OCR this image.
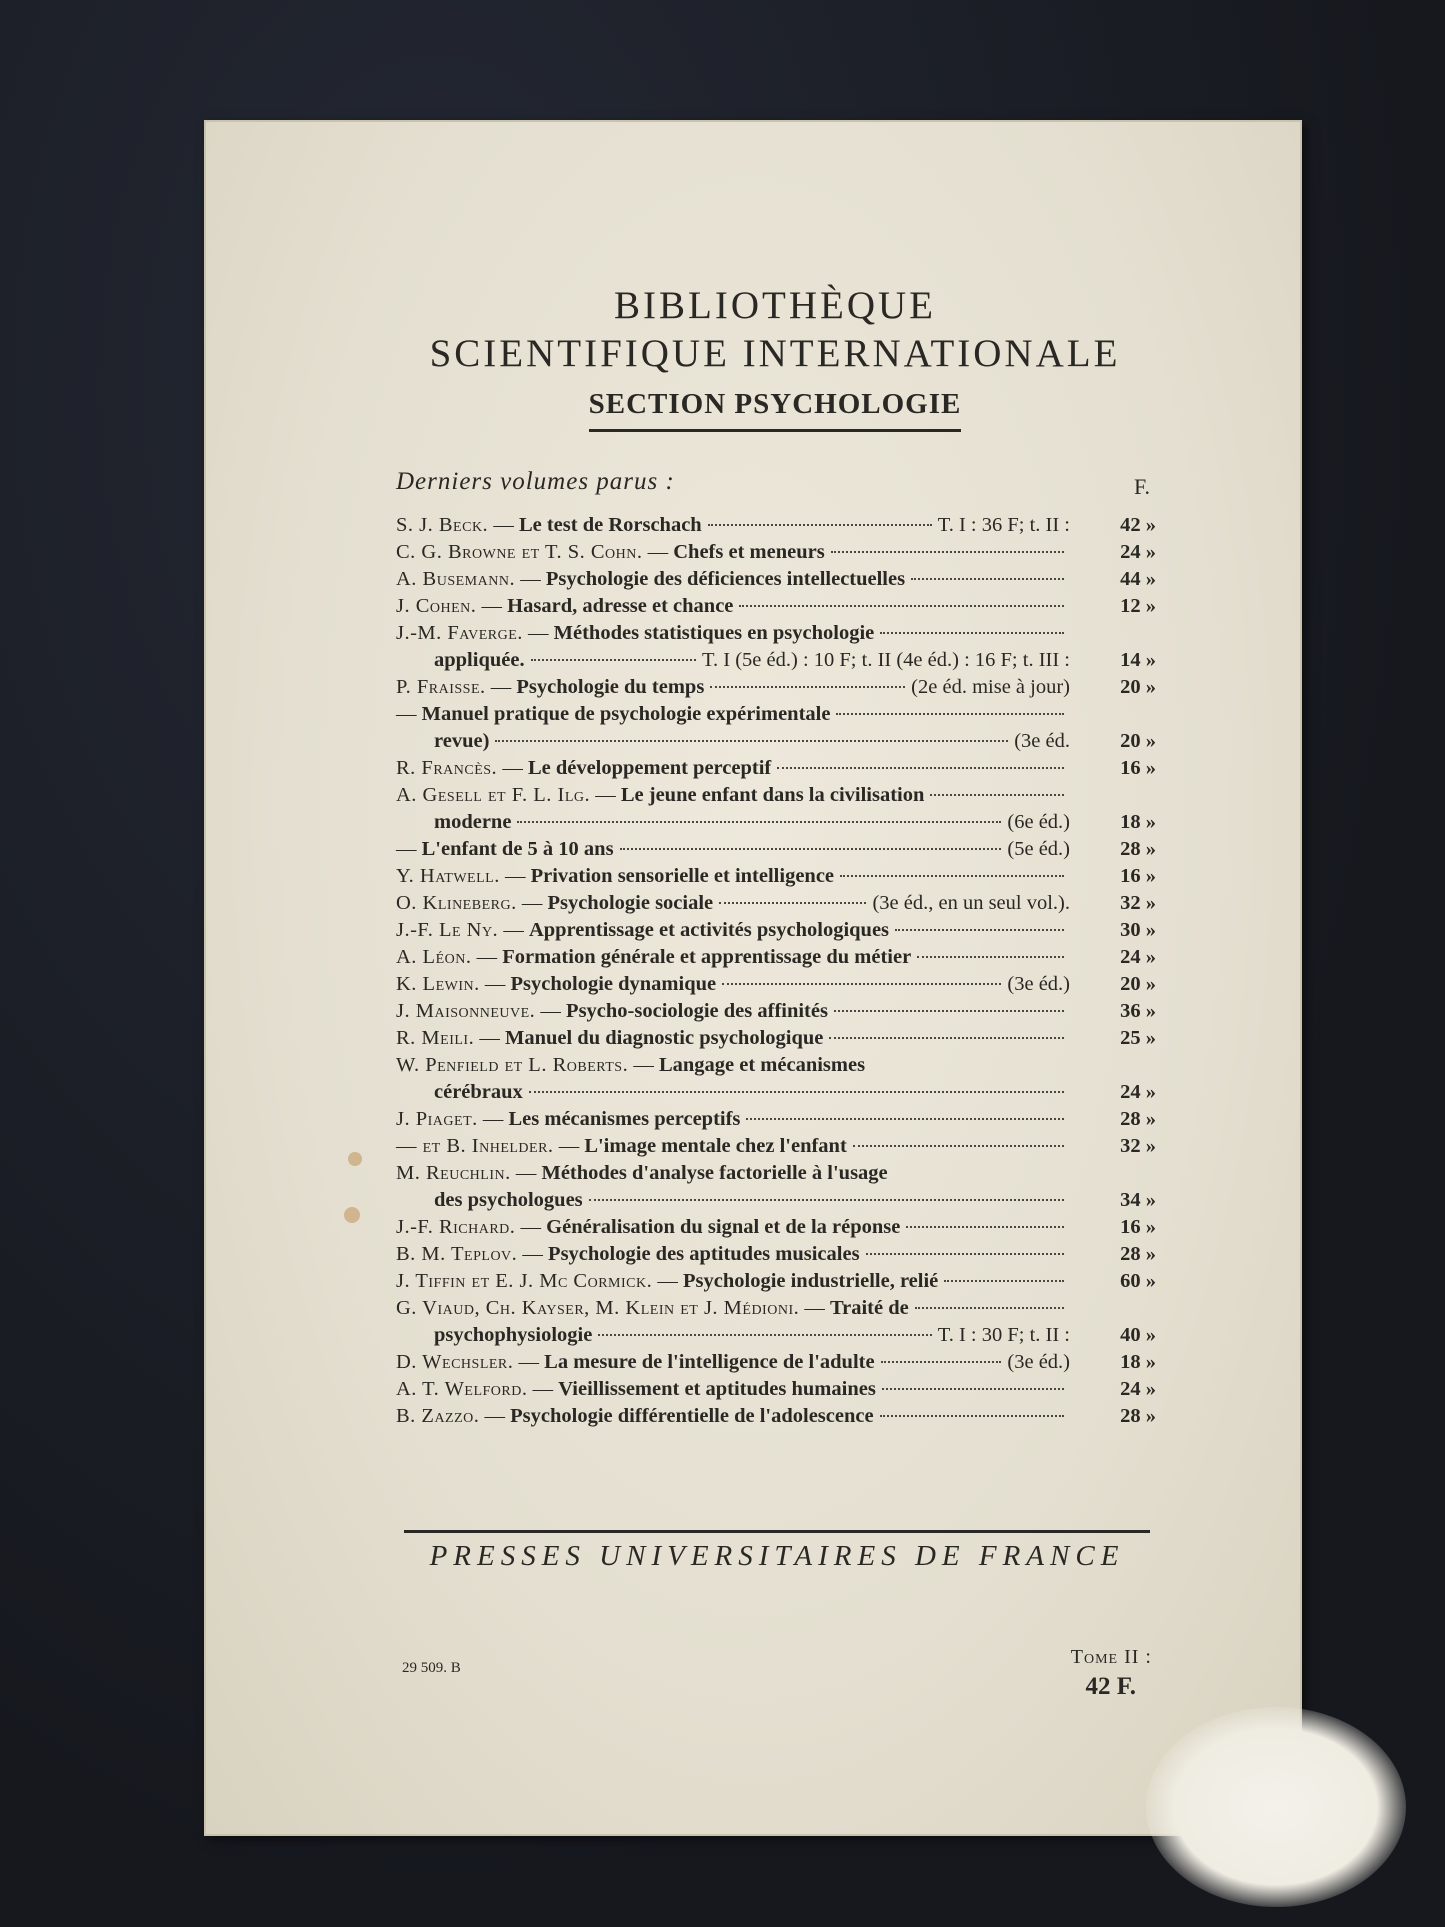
BIBLIOTHÈQUE
SCIENTIFIQUE INTERNATIONALE
SECTION PSYCHOLOGIE
Derniers volumes parus :	F.
S. J. Beck. — Le test de Rorschach	T. I : 36 F; t. II :	42 »
C. G. Browne et T. S. Cohn. — Chefs et meneurs	24 »
A. Busemann. — Psychologie des déficiences intellectuelles	44 »
J. Cohen. — Hasard, adresse et chance	12 »
J.-M. Faverge. — Méthodes statistiques en psychologie
appliquée.	T. I (5e éd.) : 10 F; t. II (4e éd.) : 16 F; t. III :	14 »
P. Fraisse. — Psychologie du temps	(2e éd. mise à jour)	20 »
— Manuel pratique de psychologie expérimentale
revue)	(3e éd.	20 »
R. Francès. — Le développement perceptif	16 »
A. Gesell et F. L. Ilg. — Le jeune enfant dans la civilisation
moderne	(6e éd.)	18 »
— L'enfant de 5 à 10 ans	(5e éd.)	28 »
Y. Hatwell. — Privation sensorielle et intelligence	16 »
O. Klineberg. — Psychologie sociale	(3e éd., en un seul vol.).	32 »
J.-F. Le Ny. — Apprentissage et activités psychologiques	30 »
A. Léon. — Formation générale et apprentissage du métier	24 »
K. Lewin. — Psychologie dynamique	(3e éd.)	20 »
J. Maisonneuve. — Psycho-sociologie des affinités	36 »
R. Meili. — Manuel du diagnostic psychologique	25 »
W. Penfield et L. Roberts. — Langage et mécanismes
cérébraux	24 »
J. Piaget. — Les mécanismes perceptifs	28 »
— et B. Inhelder. — L'image mentale chez l'enfant	32 »
M. Reuchlin. — Méthodes d'analyse factorielle à l'usage
des psychologues	34 »
J.-F. Richard. — Généralisation du signal et de la réponse	16 »
B. M. Teplov. — Psychologie des aptitudes musicales	28 »
J. Tiffin et E. J. Mc Cormick. — Psychologie industrielle, relié	60 »
G. Viaud, Ch. Kayser, M. Klein et J. Médioni. — Traité de
psychophysiologie	T. I : 30 F; t. II :	40 »
D. Wechsler. — La mesure de l'intelligence de l'adulte	(3e éd.)	18 »
A. T. Welford. — Vieillissement et aptitudes humaines	24 »
B. Zazzo. — Psychologie différentielle de l'adolescence	28 »
PRESSES UNIVERSITAIRES DE FRANCE
29 509. B	Tome II :
42 F.
